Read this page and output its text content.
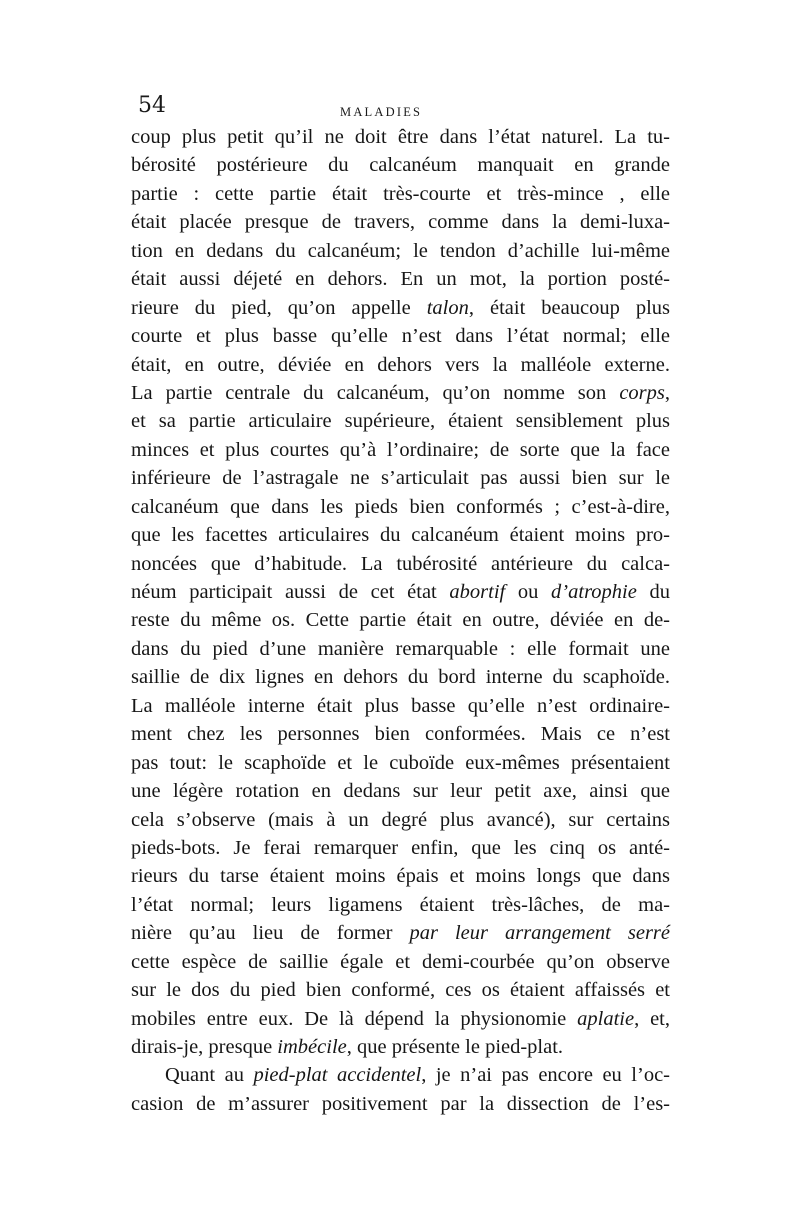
54	MALADIES
coup plus petit qu’il ne doit être dans l’état naturel. La tu-
bérosité postérieure du calcanéum manquait en grande
partie : cette partie était très-courte et très-mince , elle
était placée presque de travers, comme dans la demi-luxa-
tion en dedans du calcanéum; le tendon d’achille lui-même
était aussi déjeté en dehors. En un mot, la portion posté-
rieure du pied, qu’on appelle talon, était beaucoup plus
courte et plus basse qu’elle n’est dans l’état normal; elle
était, en outre, déviée en dehors vers la malléole externe.
La partie centrale du calcanéum, qu’on nomme son corps,
et sa partie articulaire supérieure, étaient sensiblement plus
minces et plus courtes qu’à l’ordinaire; de sorte que la face
inférieure de l’astragale ne s’articulait pas aussi bien sur le
calcanéum que dans les pieds bien conformés ; c’est-à-dire,
que les facettes articulaires du calcanéum étaient moins pro-
noncées que d’habitude. La tubérosité antérieure du calca-
néum participait aussi de cet état abortif ou d’atrophie du
reste du même os. Cette partie était en outre, déviée en de-
dans du pied d’une manière remarquable : elle formait une
saillie de dix lignes en dehors du bord interne du scaphoïde.
La malléole interne était plus basse qu’elle n’est ordinaire-
ment chez les personnes bien conformées. Mais ce n’est
pas tout: le scaphoïde et le cuboïde eux-mêmes présentaient
une légère rotation en dedans sur leur petit axe, ainsi que
cela s’observe (mais à un degré plus avancé), sur certains
pieds-bots. Je ferai remarquer enfin, que les cinq os anté-
rieurs du tarse étaient moins épais et moins longs que dans
l’état normal; leurs ligamens étaient très-lâches, de ma-
nière qu’au lieu de former par leur arrangement serré
cette espèce de saillie égale et demi-courbée qu’on observe
sur le dos du pied bien conformé, ces os étaient affaissés et
mobiles entre eux. De là dépend la physionomie aplatie, et,
dirais-je, presque imbécile, que présente le pied-plat.
Quant au pied-plat accidentel, je n’ai pas encore eu l’oc-
casion de m’assurer positivement par la dissection de l’es-
